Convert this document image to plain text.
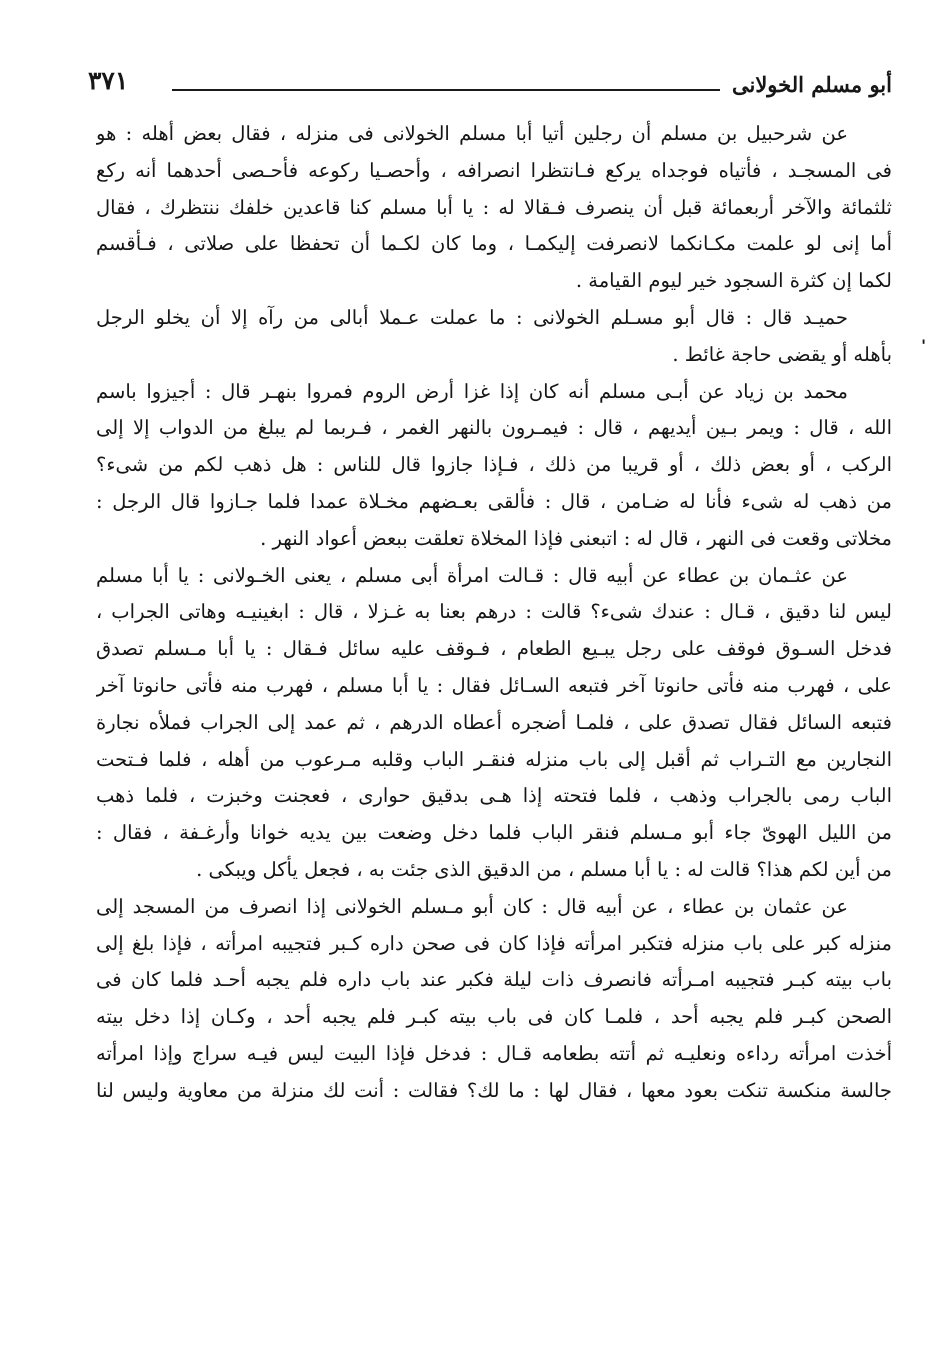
أبو مسلم الخولانى
٣٧١
'
عن شرحبيل بن مسلم أن رجلين أتيا أبا مسلم الخولانى فى منزله ، فقال بعض أهله : هو
فى المسجـد ، فأتياه فوجداه يركع فـانتظرا انصرافه ، وأحصـيا ركوعه فأحـصى أحدهما أنه ركع
ثلثمائة والآخر أربعمائة قبل أن ينصرف فـقالا له : يا أبا مسلم كنا قاعدين خلفك ننتظرك ، فقال
أما إنى لو علمت مكـانكما لانصرفت إليكمـا ، وما كان لكـما أن تحفظا على صلاتى ، فـأقسم
لكما إن كثرة السجود خير ليوم القيامة .
حميـد قال : قال أبو مسـلم الخولانى : ما عملت عـملا أبالى من رآه إلا أن يخلو الرجل
بأهله أو يقضى حاجة غائط .
محمد بن زياد عن أبـى مسلم أنه كان إذا غزا أرض الروم فمروا بنهـر قال : أجيزوا باسم
الله ، قال : ويمر بـين أيديهم ، قال : فيمـرون بالنهر الغمر ، فـربما لم يبلغ من الدواب إلا إلى
الركب ، أو بعض ذلك ، أو قريبا من ذلك ، فـإذا جازوا قال للناس : هل ذهب لكم من شىء؟
من ذهب له شىء فأنا له ضـامن ، قال : فألقى بعـضهم مخـلاة عمدا فلما جـازوا قال الرجل :
مخلاتى وقعت فى النهر ، قال له : اتبعنى فإذا المخلاة تعلقت ببعض أعواد النهر .
عن عثـمان بن عطاء عن أبيه قال : قـالت امرأة أبى مسلم ، يعنى الخـولانى : يا أبا مسلم
ليس لنا دقيق ، قـال : عندك شىء؟ قالت : درهم بعنا به غـزلا ، قال : ابغينيـه وهاتى الجراب ،
فدخل السـوق فوقف على رجل يبـيع الطعام ، فـوقف عليه سائل فـقال : يا أبا مـسلم تصدق
على ، فهرب منه فأتى حانوتا آخر فتبعه السـائل فقال : يا أبا مسلم ، فهرب منه فأتى حانوتا آخر
فتبعه السائل فقال تصدق على ، فلمـا أضجره أعطاه الدرهم ، ثم عمد إلى الجراب فملأه نجارة
النجارين مع التـراب ثم أقبل إلى باب منزله فنقـر الباب وقلبه مـرعوب من أهله ، فلما فـتحت
الباب رمى بالجراب وذهب ، فلما فتحته إذا هـى بدقيق حوارى ، فعجنت وخبزت ، فلما ذهب
من الليل الهوىّ جاء أبو مـسلم فنقر الباب فلما دخل وضعت بين يديه خوانا وأرغـفة ، فقال :
من أين لكم هذا؟ قالت له : يا أبا مسلم ، من الدقيق الذى جئت به ، فجعل يأكل ويبكى .
عن عثمان بن عطاء ، عن أبيه قال : كان أبو مـسلم الخولانى إذا انصرف من المسجد إلى
منزله كبر على باب منزله فتكبر امرأته فإذا كان فى صحن داره كـبر فتجيبه امرأته ، فإذا بلغ إلى
باب بيته كبـر فتجيبه امـرأته فانصرف ذات ليلة فكبر عند باب داره فلم يجبه أحـد فلما كان فى
الصحن كبـر فلم يجبه أحد ، فلمـا كان فى باب بيته كبـر فلم يجبه أحد ، وكـان إذا دخل بيته
أخذت امرأته رداءه ونعليـه ثم أتته بطعامه قـال : فدخل فإذا البيت ليس فيـه سراج وإذا امرأته
جالسة منكسة تنكت بعود معها ، فقال لها : ما لك؟ فقالت : أنت لك منزلة من معاوية وليس لنا
